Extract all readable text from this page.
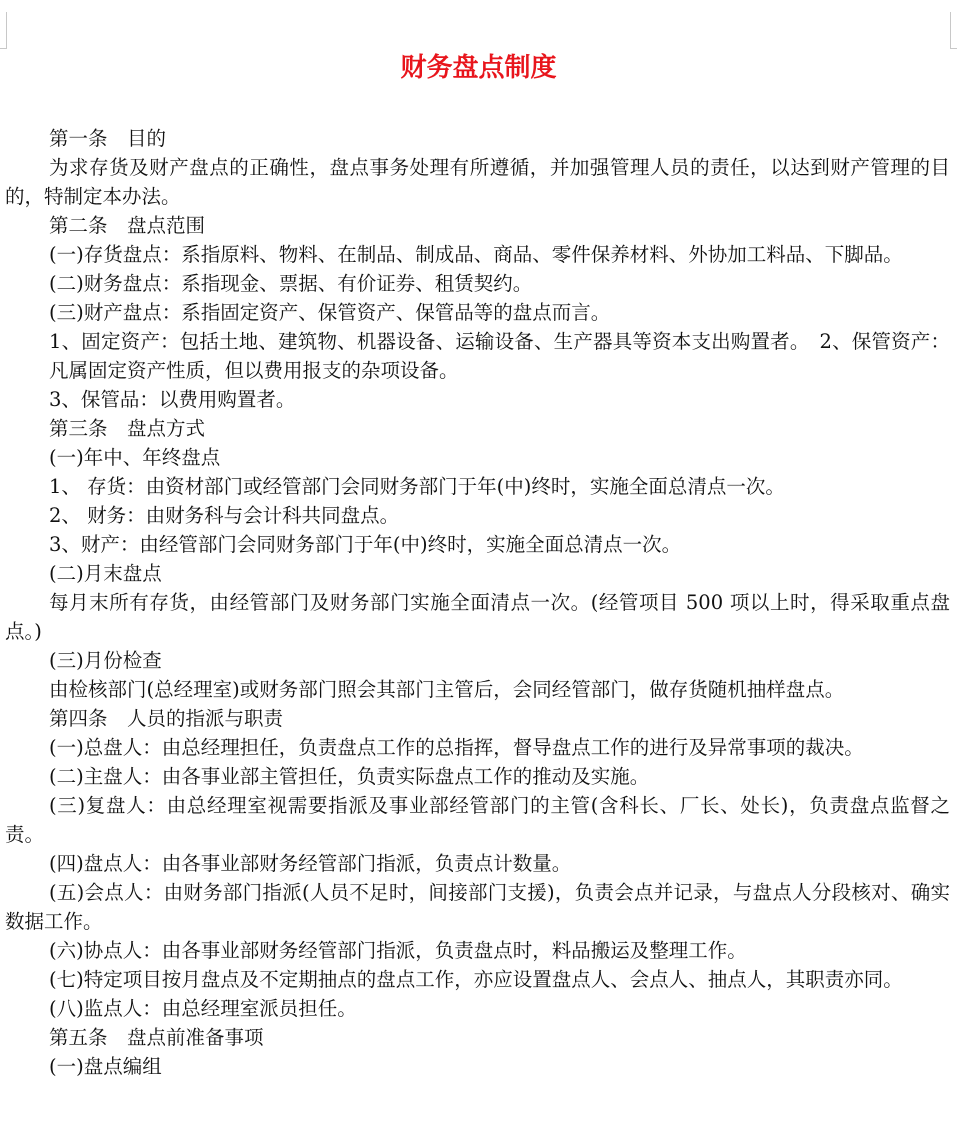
财务盘点制度

第一条　目的

为求存货及财产盘点的正确性，盘点事务处理有所遵循，并加强管理人员的责任，以达到财产管理的目的，特制定本办法。

第二条　盘点范围

(一)存货盘点：系指原料、物料、在制品、制成品、商品、零件保养材料、外协加工料品、下脚品。

(二)财务盘点：系指现金、票据、有价证券、租赁契约。

(三)财产盘点：系指固定资产、保管资产、保管品等的盘点而言。

1、固定资产：包括土地、建筑物、机器设备、运输设备、生产器具等资本支出购置者。　2、保管资产：凡属固定资产性质，但以费用报支的杂项设备。

3、保管品：以费用购置者。

第三条　盘点方式

(一)年中、年终盘点

1、 存货：由资材部门或经管部门会同财务部门于年(中)终时，实施全面总清点一次。

2、 财务：由财务科与会计科共同盘点。

3、财产：由经管部门会同财务部门于年(中)终时，实施全面总清点一次。

(二)月末盘点

每月末所有存货，由经管部门及财务部门实施全面清点一次。(经管项目 500 项以上时，得采取重点盘点。)

(三)月份检查

由检核部门(总经理室)或财务部门照会其部门主管后，会同经管部门，做存货随机抽样盘点。

第四条　人员的指派与职责

(一)总盘人：由总经理担任，负责盘点工作的总指挥，督导盘点工作的进行及异常事项的裁决。

(二)主盘人：由各事业部主管担任，负责实际盘点工作的推动及实施。

(三)复盘人：由总经理室视需要指派及事业部经管部门的主管(含科长、厂长、处长)，负责盘点监督之责。

(四)盘点人：由各事业部财务经管部门指派，负责点计数量。

(五)会点人：由财务部门指派(人员不足时，间接部门支援)，负责会点并记录，与盘点人分段核对、确实数据工作。

(六)协点人：由各事业部财务经管部门指派，负责盘点时，料品搬运及整理工作。

(七)特定项目按月盘点及不定期抽点的盘点工作，亦应设置盘点人、会点人、抽点人，其职责亦同。

(八)监点人：由总经理室派员担任。

第五条　盘点前准备事项

(一)盘点编组
